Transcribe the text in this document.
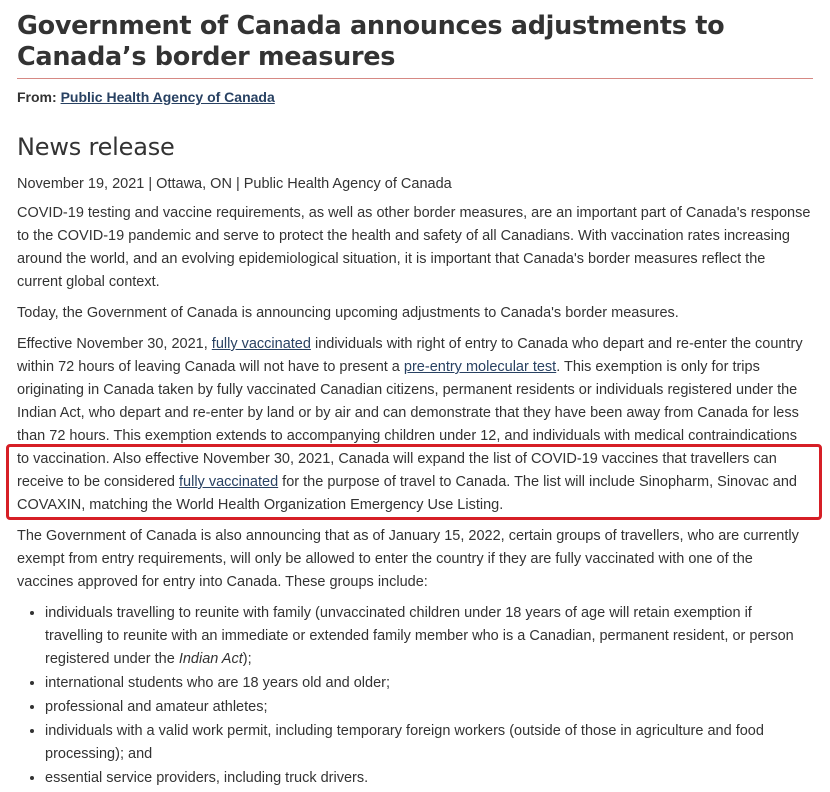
Government of Canada announces adjustments to Canada’s border measures
From: Public Health Agency of Canada
News release
November 19, 2021 | Ottawa, ON | Public Health Agency of Canada

COVID-19 testing and vaccine requirements, as well as other border measures, are an important part of Canada's response to the COVID-19 pandemic and serve to protect the health and safety of all Canadians. With vaccination rates increasing around the world, and an evolving epidemiological situation, it is important that Canada's border measures reflect the current global context.

Today, the Government of Canada is announcing upcoming adjustments to Canada's border measures.

Effective November 30, 2021, fully vaccinated individuals with right of entry to Canada who depart and re-enter the country within 72 hours of leaving Canada will not have to present a pre-entry molecular test. This exemption is only for trips originating in Canada taken by fully vaccinated Canadian citizens, permanent residents or individuals registered under the Indian Act, who depart and re-enter by land or by air and can demonstrate that they have been away from Canada for less than 72 hours. This exemption extends to accompanying children under 12, and individuals with medical contraindications to vaccination. Also effective November 30, 2021, Canada will expand the list of COVID-19 vaccines that travellers can receive to be considered fully vaccinated for the purpose of travel to Canada. The list will include Sinopharm, Sinovac and COVAXIN, matching the World Health Organization Emergency Use Listing.

The Government of Canada is also announcing that as of January 15, 2022, certain groups of travellers, who are currently exempt from entry requirements, will only be allowed to enter the country if they are fully vaccinated with one of the vaccines approved for entry into Canada. These groups include:

• individuals travelling to reunite with family (unvaccinated children under 18 years of age will retain exemption if travelling to reunite with an immediate or extended family member who is a Canadian, permanent resident, or person registered under the Indian Act);
• international students who are 18 years old and older;
• professional and amateur athletes;
• individuals with a valid work permit, including temporary foreign workers (outside of those in agriculture and food processing); and
• essential service providers, including truck drivers.
